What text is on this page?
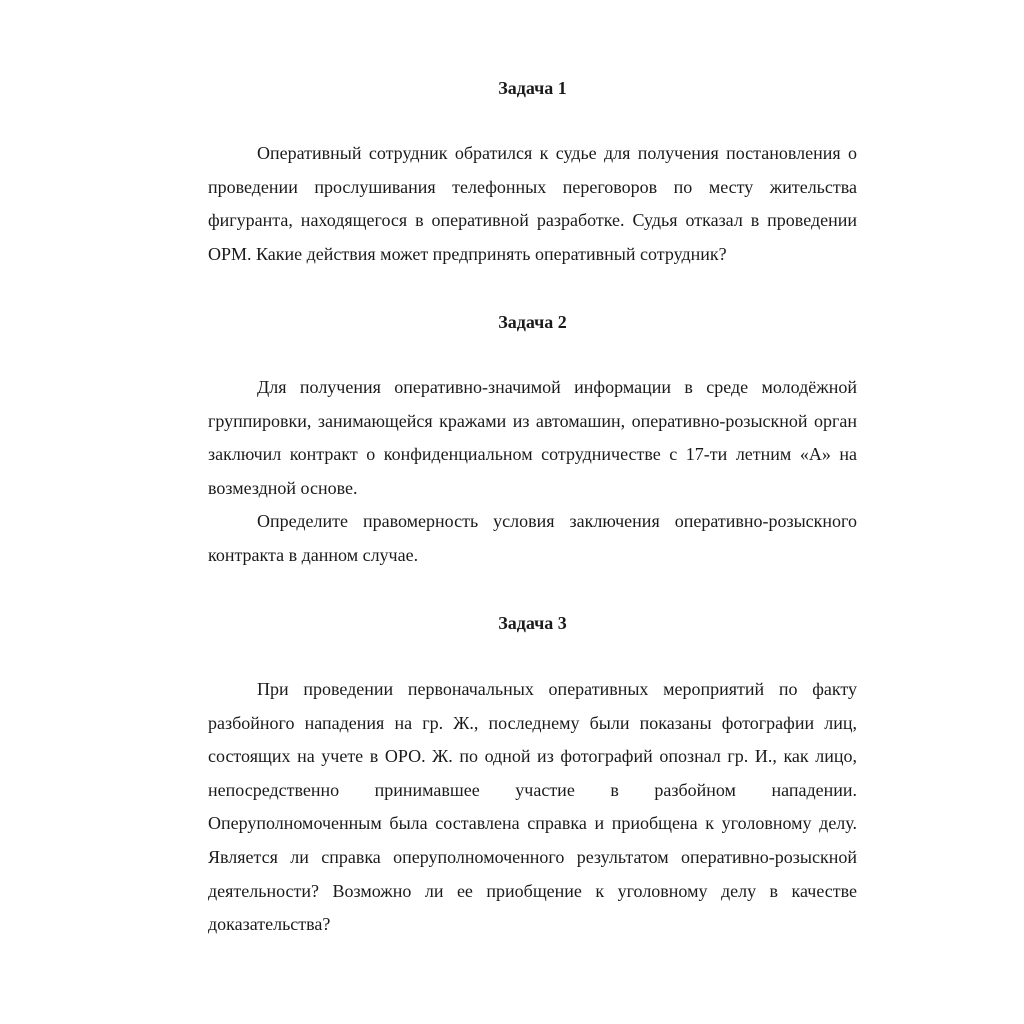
Задача 1

Оперативный сотрудник обратился к судье для получения постановления о проведении прослушивания телефонных переговоров по месту жительства фигуранта, находящегося в оперативной разработке. Судья отказал в проведении ОРМ. Какие действия может предпринять оперативный сотрудник?

Задача 2

Для получения оперативно-значимой информации в среде молодёжной группировки, занимающейся кражами из автомашин, оперативно-розыскной орган заключил контракт о конфиденциальном сотрудничестве с 17-ти летним «А» на возмездной основе.

Определите правомерность условия заключения оперативно-розыскного контракта в данном случае.

Задача 3

При проведении первоначальных оперативных мероприятий по факту разбойного нападения на гр. Ж., последнему были показаны фотографии лиц, состоящих на учете в ОРО. Ж. по одной из фотографий опознал гр. И., как лицо, непосредственно принимавшее участие в разбойном нападении. Оперуполномоченным была составлена справка и приобщена к уголовному делу. Является ли справка оперуполномоченного результатом оперативно-розыскной деятельности? Возможно ли ее приобщение к уголовному делу в качестве доказательства?
